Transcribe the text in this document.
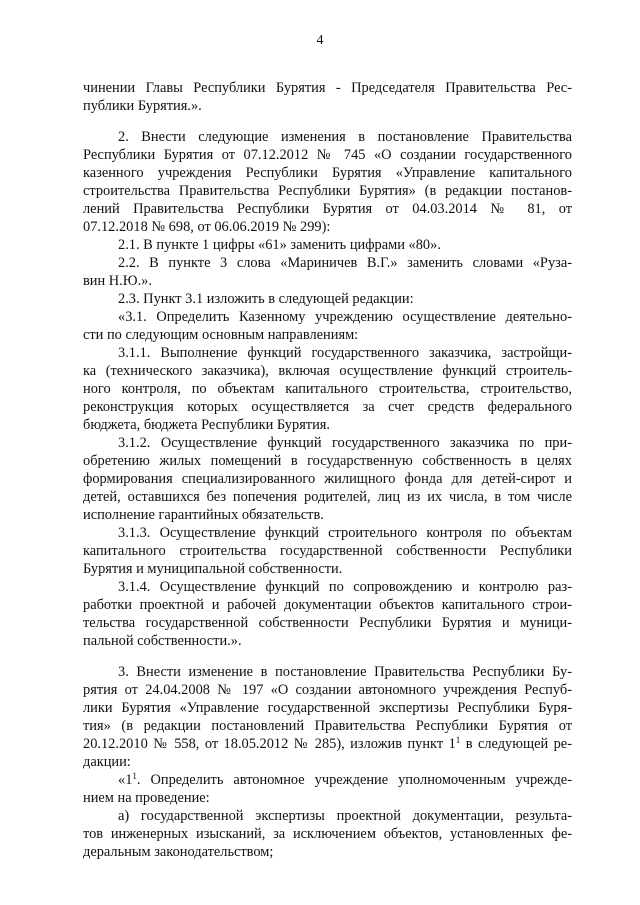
4
чинении Главы Республики Бурятия - Председателя Правительства Рес-
публики Бурятия.».
2. Внести следующие изменения в постановление Правительства
Республики Бурятия от 07.12.2012 № 745 «О создании государственного
казенного учреждения Республики Бурятия «Управление капитального
строительства Правительства Республики Бурятия» (в редакции постанов-
лений Правительства Республики Бурятия от 04.03.2014 № 81, от
07.12.2018 № 698, от 06.06.2019 № 299):
2.1. В пункте 1 цифры «61» заменить цифрами «80».
2.2. В пункте 3 слова «Мариничев В.Г.» заменить словами «Руза-
вин Н.Ю.».
2.3. Пункт 3.1 изложить в следующей редакции:
«3.1. Определить Казенному учреждению осуществление деятельно-
сти по следующим основным направлениям:
3.1.1. Выполнение функций государственного заказчика, застройщи-
ка (технического заказчика), включая осуществление функций строитель-
ного контроля, по объектам капитального строительства, строительство,
реконструкция которых осуществляется за счет средств федерального
бюджета, бюджета Республики Бурятия.
3.1.2. Осуществление функций государственного заказчика по при-
обретению жилых помещений в государственную собственность в целях
формирования специализированного жилищного фонда для детей-сирот и
детей, оставшихся без попечения родителей, лиц из их числа, в том числе
исполнение гарантийных обязательств.
3.1.3. Осуществление функций строительного контроля по объектам
капитального строительства государственной собственности Республики
Бурятия и муниципальной собственности.
3.1.4. Осуществление функций по сопровождению и контролю раз-
работки проектной и рабочей документации объектов капитального строи-
тельства государственной собственности Республики Бурятия и муници-
пальной собственности.».
3. Внести изменение в постановление Правительства Республики Бу-
рятия от 24.04.2008 № 197 «О создании автономного учреждения Респуб-
лики Бурятия «Управление государственной экспертизы Республики Буря-
тия» (в редакции постановлений Правительства Республики Бурятия от
20.12.2010 № 558, от 18.05.2012 № 285), изложив пункт $1^1$ в следующей ре-
дакции:
«$1^1$. Определить автономное учреждение уполномоченным учрежде-
нием на проведение:
а) государственной экспертизы проектной документации, результа-
тов инженерных изысканий, за исключением объектов, установленных фе-
деральным законодательством;
